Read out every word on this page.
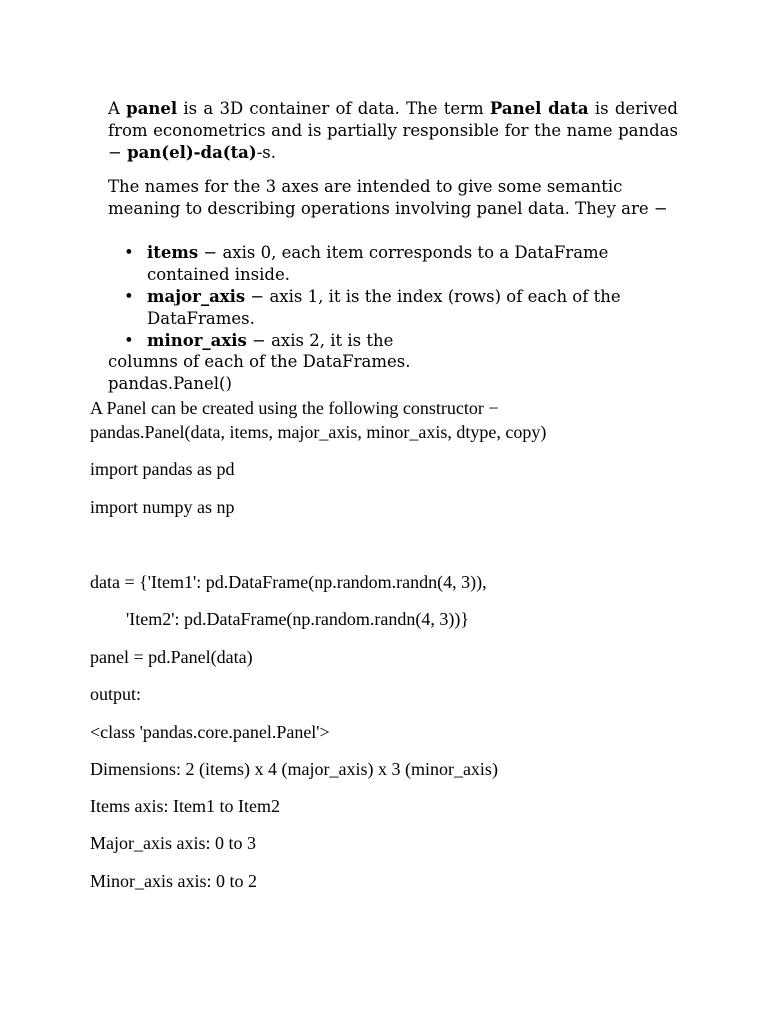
A panel is a 3D container of data. The term Panel data is derived from econometrics and is partially responsible for the name pandas − pan(el)-da(ta)-s.
The names for the 3 axes are intended to give some semantic meaning to describing operations involving panel data. They are −
• items − axis 0, each item corresponds to a DataFrame contained inside.
• major_axis − axis 1, it is the index (rows) of each of the DataFrames.
• minor_axis − axis 2, it is the
columns of each of the DataFrames.
pandas.Panel()
A Panel can be created using the following constructor −
pandas.Panel(data, items, major_axis, minor_axis, dtype, copy)
import pandas as pd
import numpy as np
data = {'Item1': pd.DataFrame(np.random.randn(4, 3)),
'Item2': pd.DataFrame(np.random.randn(4, 3))}
panel = pd.Panel(data)
output:
<class 'pandas.core.panel.Panel'>
Dimensions: 2 (items) x 4 (major_axis) x 3 (minor_axis)
Items axis: Item1 to Item2
Major_axis axis: 0 to 3
Minor_axis axis: 0 to 2
